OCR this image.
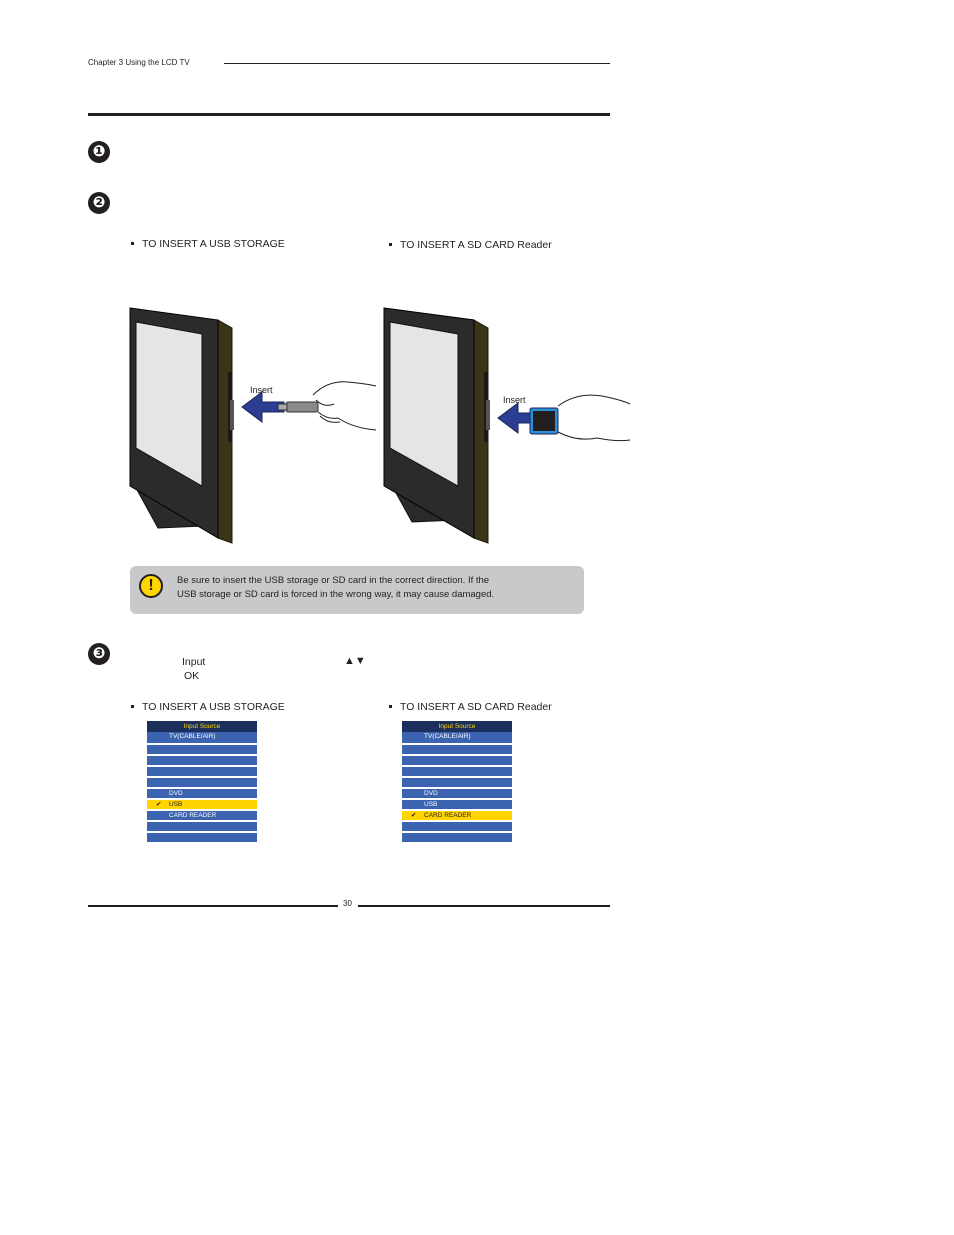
Chapter 3 Using the LCD TV
❶
❷
TO INSERT A USB STORAGE	TO INSERT A SD CARD Reader
Insert
Insert
!	Be sure to insert the USB storage or SD card in the correct direction. If the
USB storage or SD card is forced in the wrong way, it may cause damaged.
❸	Input	▲▼
OK
TO INSERT A USB STORAGE	TO INSERT A SD CARD Reader
Input Source
TV(CABLE/AIR)
DVD
✔ USB
CARD READER
Input Source
TV(CABLE/AIR)
DVD
USB
✔ CARD READER
30
